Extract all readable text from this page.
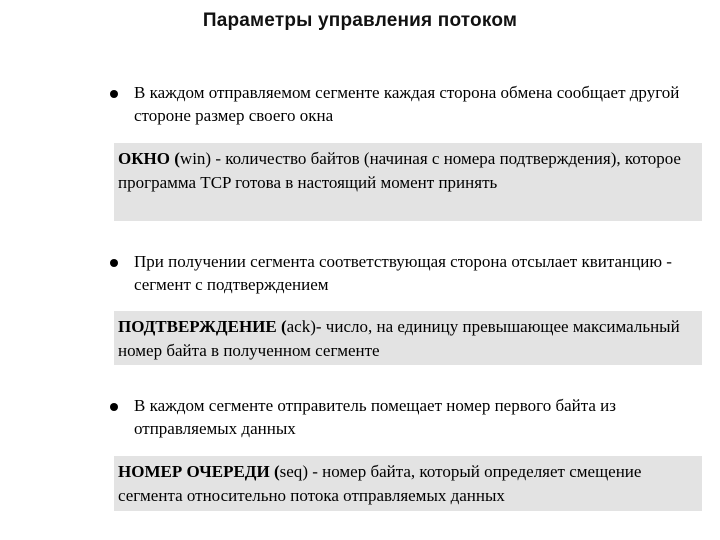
Параметры управления потоком
В каждом отправляемом сегменте каждая сторона обмена сообщает другой стороне размер своего окна
ОКНО (win) - количество байтов (начиная с номера подтверждения), которое программа TCP готова в настоящий момент принять
При получении сегмента соответствующая сторона отсылает квитанцию - сегмент с подтверждением
ПОДТВЕРЖДЕНИЕ (ack)- число, на единицу превышающее максимальный номер байта в полученном сегменте
В каждом сегменте отправитель помещает номер первого байта из отправляемых данных
НОМЕР ОЧЕРЕДИ (seq) - номер байта, который определяет смещение сегмента относительно потока отправляемых данных
